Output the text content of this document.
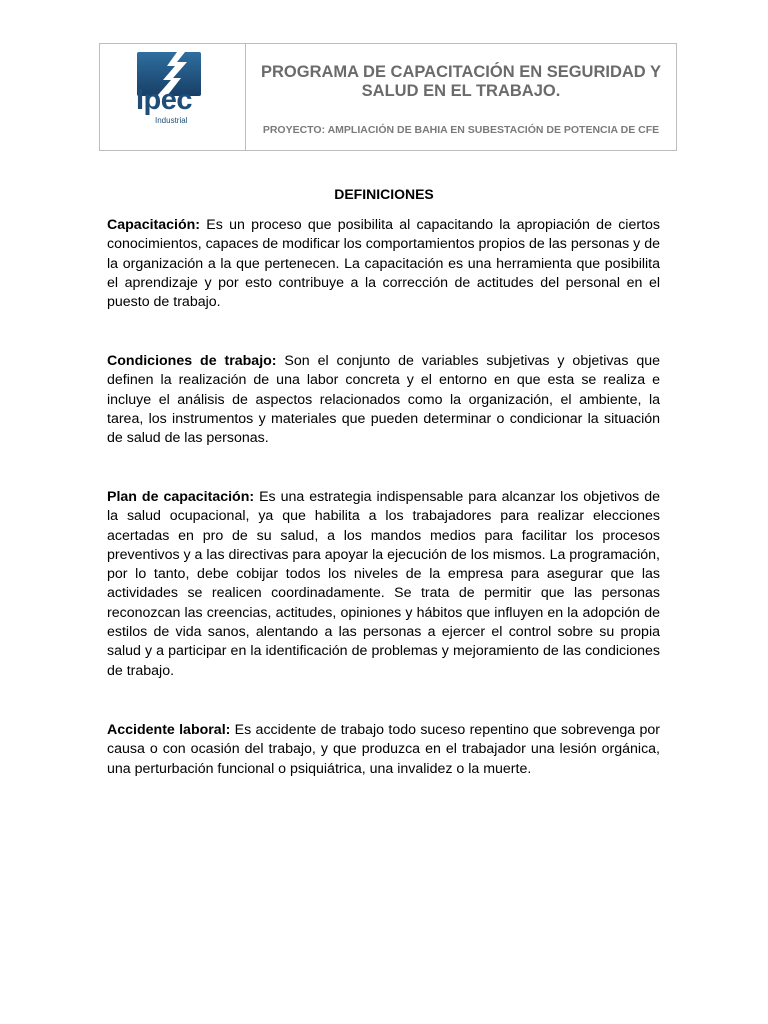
Ipec
Industrial
PROGRAMA DE CAPACITACIÓN EN SEGURIDAD Y SALUD EN EL TRABAJO.
PROYECTO: AMPLIACIÓN DE BAHIA EN SUBESTACIÓN DE POTENCIA DE CFE
DEFINICIONES

Capacitación: Es un proceso que posibilita al capacitando la apropiación de ciertos conocimientos, capaces de modificar los comportamientos propios de las personas y de la organización a la que pertenecen. La capacitación es una herramienta que posibilita el aprendizaje y por esto contribuye a la corrección de actitudes del personal en el puesto de trabajo.

Condiciones de trabajo: Son el conjunto de variables subjetivas y objetivas que definen la realización de una labor concreta y el entorno en que esta se realiza e incluye el análisis de aspectos relacionados como la organización, el ambiente, la tarea, los instrumentos y materiales que pueden determinar o condicionar la situación de salud de las personas.

Plan de capacitación: Es una estrategia indispensable para alcanzar los objetivos de la salud ocupacional, ya que habilita a los trabajadores para realizar elecciones acertadas en pro de su salud, a los mandos medios para facilitar los procesos preventivos y a las directivas para apoyar la ejecución de los mismos. La programación, por lo tanto, debe cobijar todos los niveles de la empresa para asegurar que las actividades se realicen coordinadamente. Se trata de permitir que las personas reconozcan las creencias, actitudes, opiniones y hábitos que influyen en la adopción de estilos de vida sanos, alentando a las personas a ejercer el control sobre su propia salud y a participar en la identificación de problemas y mejoramiento de las condiciones de trabajo.

Accidente laboral: Es accidente de trabajo todo suceso repentino que sobrevenga por causa o con ocasión del trabajo, y que produzca en el trabajador una lesión orgánica, una perturbación funcional o psiquiátrica, una invalidez o la muerte.
